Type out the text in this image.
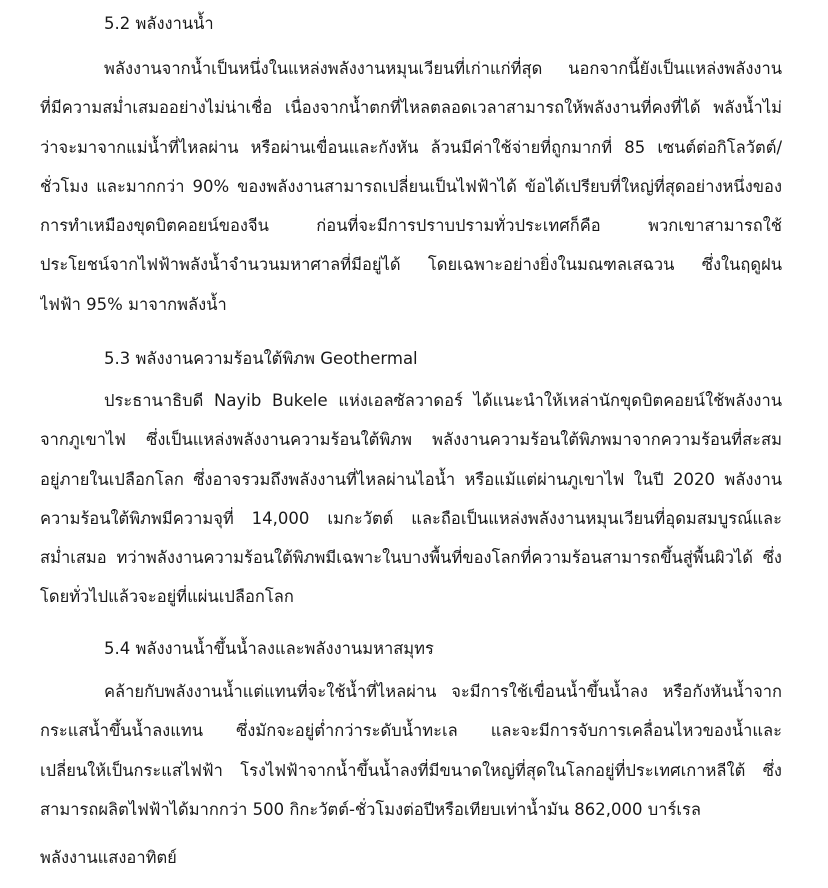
5.2 พลังงานน้ำ
พลังงานจากน้ำเป็นหนึ่งในแหล่งพลังงานหมุนเวียนที่เก่าแก่ที่สุด นอกจากนี้ยังเป็นแหล่งพลังงาน
ที่มีความสม่ำเสมออย่างไม่น่าเชื่อ เนื่องจากน้ำตกที่ไหลตลอดเวลาสามารถให้พลังงานที่คงที่ได้ พลังน้ำไม่
ว่าจะมาจากแม่น้ำที่ไหลผ่าน หรือผ่านเขื่อนและกังหัน ล้วนมีค่าใช้จ่ายที่ถูกมากที่ 85 เซนต์ต่อกิโลวัตต์/
ชั่วโมง และมากกว่า 90% ของพลังงานสามารถเปลี่ยนเป็นไฟฟ้าได้ ข้อได้เปรียบที่ใหญ่ที่สุดอย่างหนึ่งของ
การทำเหมืองขุดบิตคอยน์ของจีน ก่อนที่จะมีการปราบปรามทั่วประเทศก็คือ พวกเขาสามารถใช้
ประโยชน์จากไฟฟ้าพลังน้ำจำนวนมหาศาลที่มีอยู่ได้ โดยเฉพาะอย่างยิ่งในมณฑลเสฉวน ซึ่งในฤดูฝน
ไฟฟ้า 95% มาจากพลังน้ำ
5.3 พลังงานความร้อนใต้พิภพ Geothermal
ประธานาธิบดี Nayib Bukele แห่งเอลซัลวาดอร์ ได้แนะนำให้เหล่านักขุดบิตคอยน์ใช้พลังงาน
จากภูเขาไฟ ซึ่งเป็นแหล่งพลังงานความร้อนใต้พิภพ พลังงานความร้อนใต้พิภพมาจากความร้อนที่สะสม
อยู่ภายในเปลือกโลก ซึ่งอาจรวมถึงพลังงานที่ไหลผ่านไอน้ำ หรือแม้แต่ผ่านภูเขาไฟ ในปี 2020 พลังงาน
ความร้อนใต้พิภพมีความจุที่ 14,000 เมกะวัตต์ และถือเป็นแหล่งพลังงานหมุนเวียนที่อุดมสมบูรณ์และ
สม่ำเสมอ ทว่าพลังงานความร้อนใต้พิภพมีเฉพาะในบางพื้นที่ของโลกที่ความร้อนสามารถขึ้นสู่พื้นผิวได้ ซึ่ง
โดยทั่วไปแล้วจะอยู่ที่แผ่นเปลือกโลก
5.4 พลังงานน้ำขึ้นน้ำลงและพลังงานมหาสมุทร
คล้ายกับพลังงานน้ำแต่แทนที่จะใช้น้ำที่ไหลผ่าน จะมีการใช้เขื่อนน้ำขึ้นน้ำลง หรือกังหันน้ำจาก
กระแสน้ำขึ้นน้ำลงแทน ซึ่งมักจะอยู่ต่ำกว่าระดับน้ำทะเล และจะมีการจับการเคลื่อนไหวของน้ำและ
เปลี่ยนให้เป็นกระแสไฟฟ้า โรงไฟฟ้าจากน้ำขึ้นน้ำลงที่มีขนาดใหญ่ที่สุดในโลกอยู่ที่ประเทศเกาหลีใต้ ซึ่ง
สามารถผลิตไฟฟ้าได้มากกว่า 500 กิกะวัตต์-ชั่วโมงต่อปีหรือเทียบเท่าน้ำมัน 862,000 บาร์เรล
พลังงานแสงอาทิตย์
